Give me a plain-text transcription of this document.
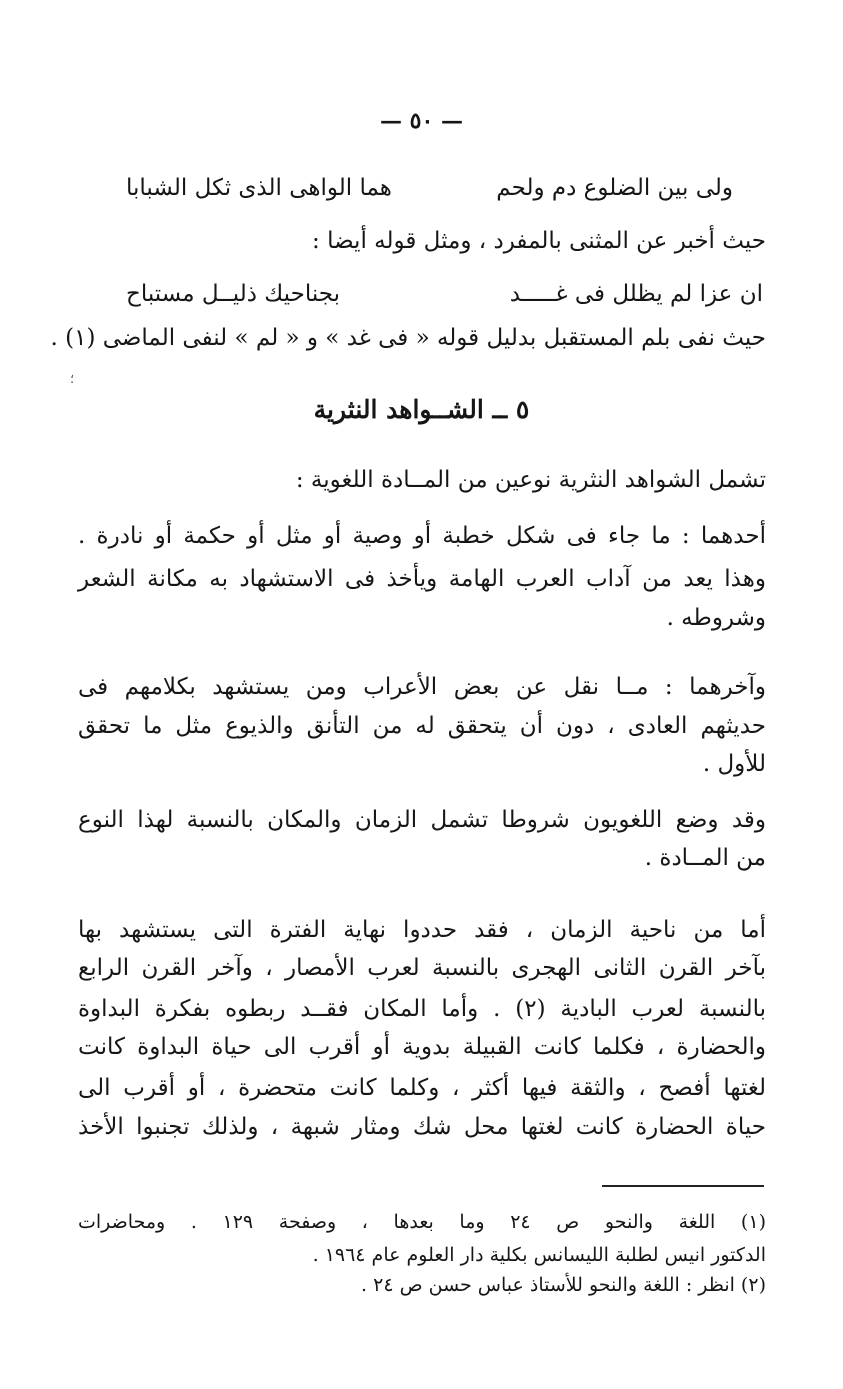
— ٥٠ —
ولى بين الضلوع دم ولحم
هما الواهى الذى ثكل الشبابا
حيث أخبر عن المثنى بالمفرد ، ومثل قوله أيضا :
ان عزا لم يظلل فى غـــــد
بجناحيك ذليــل مستباح
حيث نفى بلم المستقبل بدليل قوله « فى غد » و « لم » لنفى الماضى (١) .
؛
٥ ــ الشــواهد النثرية
تشمل الشواهد النثرية نوعين من المــادة اللغوية :
أحدهما : ما جاء فى شكل خطبة أو وصية أو مثل أو حكمة أو نادرة .
وهذا يعد من آداب العرب الهامة ويأخذ فى الاستشهاد به مكانة الشعر
وشروطه .
وآخرهما : مــا نقل عن بعض الأعراب ومن يستشهد بكلامهم فى
حديثهم العادى ، دون أن يتحقق له من التأنق والذيوع مثل ما تحقق
للأول .
وقد وضع اللغويون شروطا تشمل الزمان والمكان بالنسبة لهذا النوع
من المــادة .
أما من ناحية الزمان ، فقد حددوا نهاية الفترة التى يستشهد بها
بآخر القرن الثانى الهجرى بالنسبة لعرب الأمصار ، وآخر القرن الرابع
بالنسبة لعرب البادية (٢) . وأما المكان فقــد ربطوه بفكرة البداوة
والحضارة ، فكلما كانت القبيلة بدوية أو أقرب الى حياة البداوة كانت
لغتها أفصح ، والثقة فيها أكثر ، وكلما كانت متحضرة ، أو أقرب الى
حياة الحضارة كانت لغتها محل شك ومثار شبهة ، ولذلك تجنبوا الأخذ
(١) اللغة والنحو ص ٢٤ وما بعدها ، وصفحة ١٢٩ . ومحاضرات
الدكتور انيس لطلبة الليسانس بكلية دار العلوم عام ١٩٦٤ .
(٢) انظر : اللغة والنحو للأستاذ عباس حسن ص ٢٤ .
